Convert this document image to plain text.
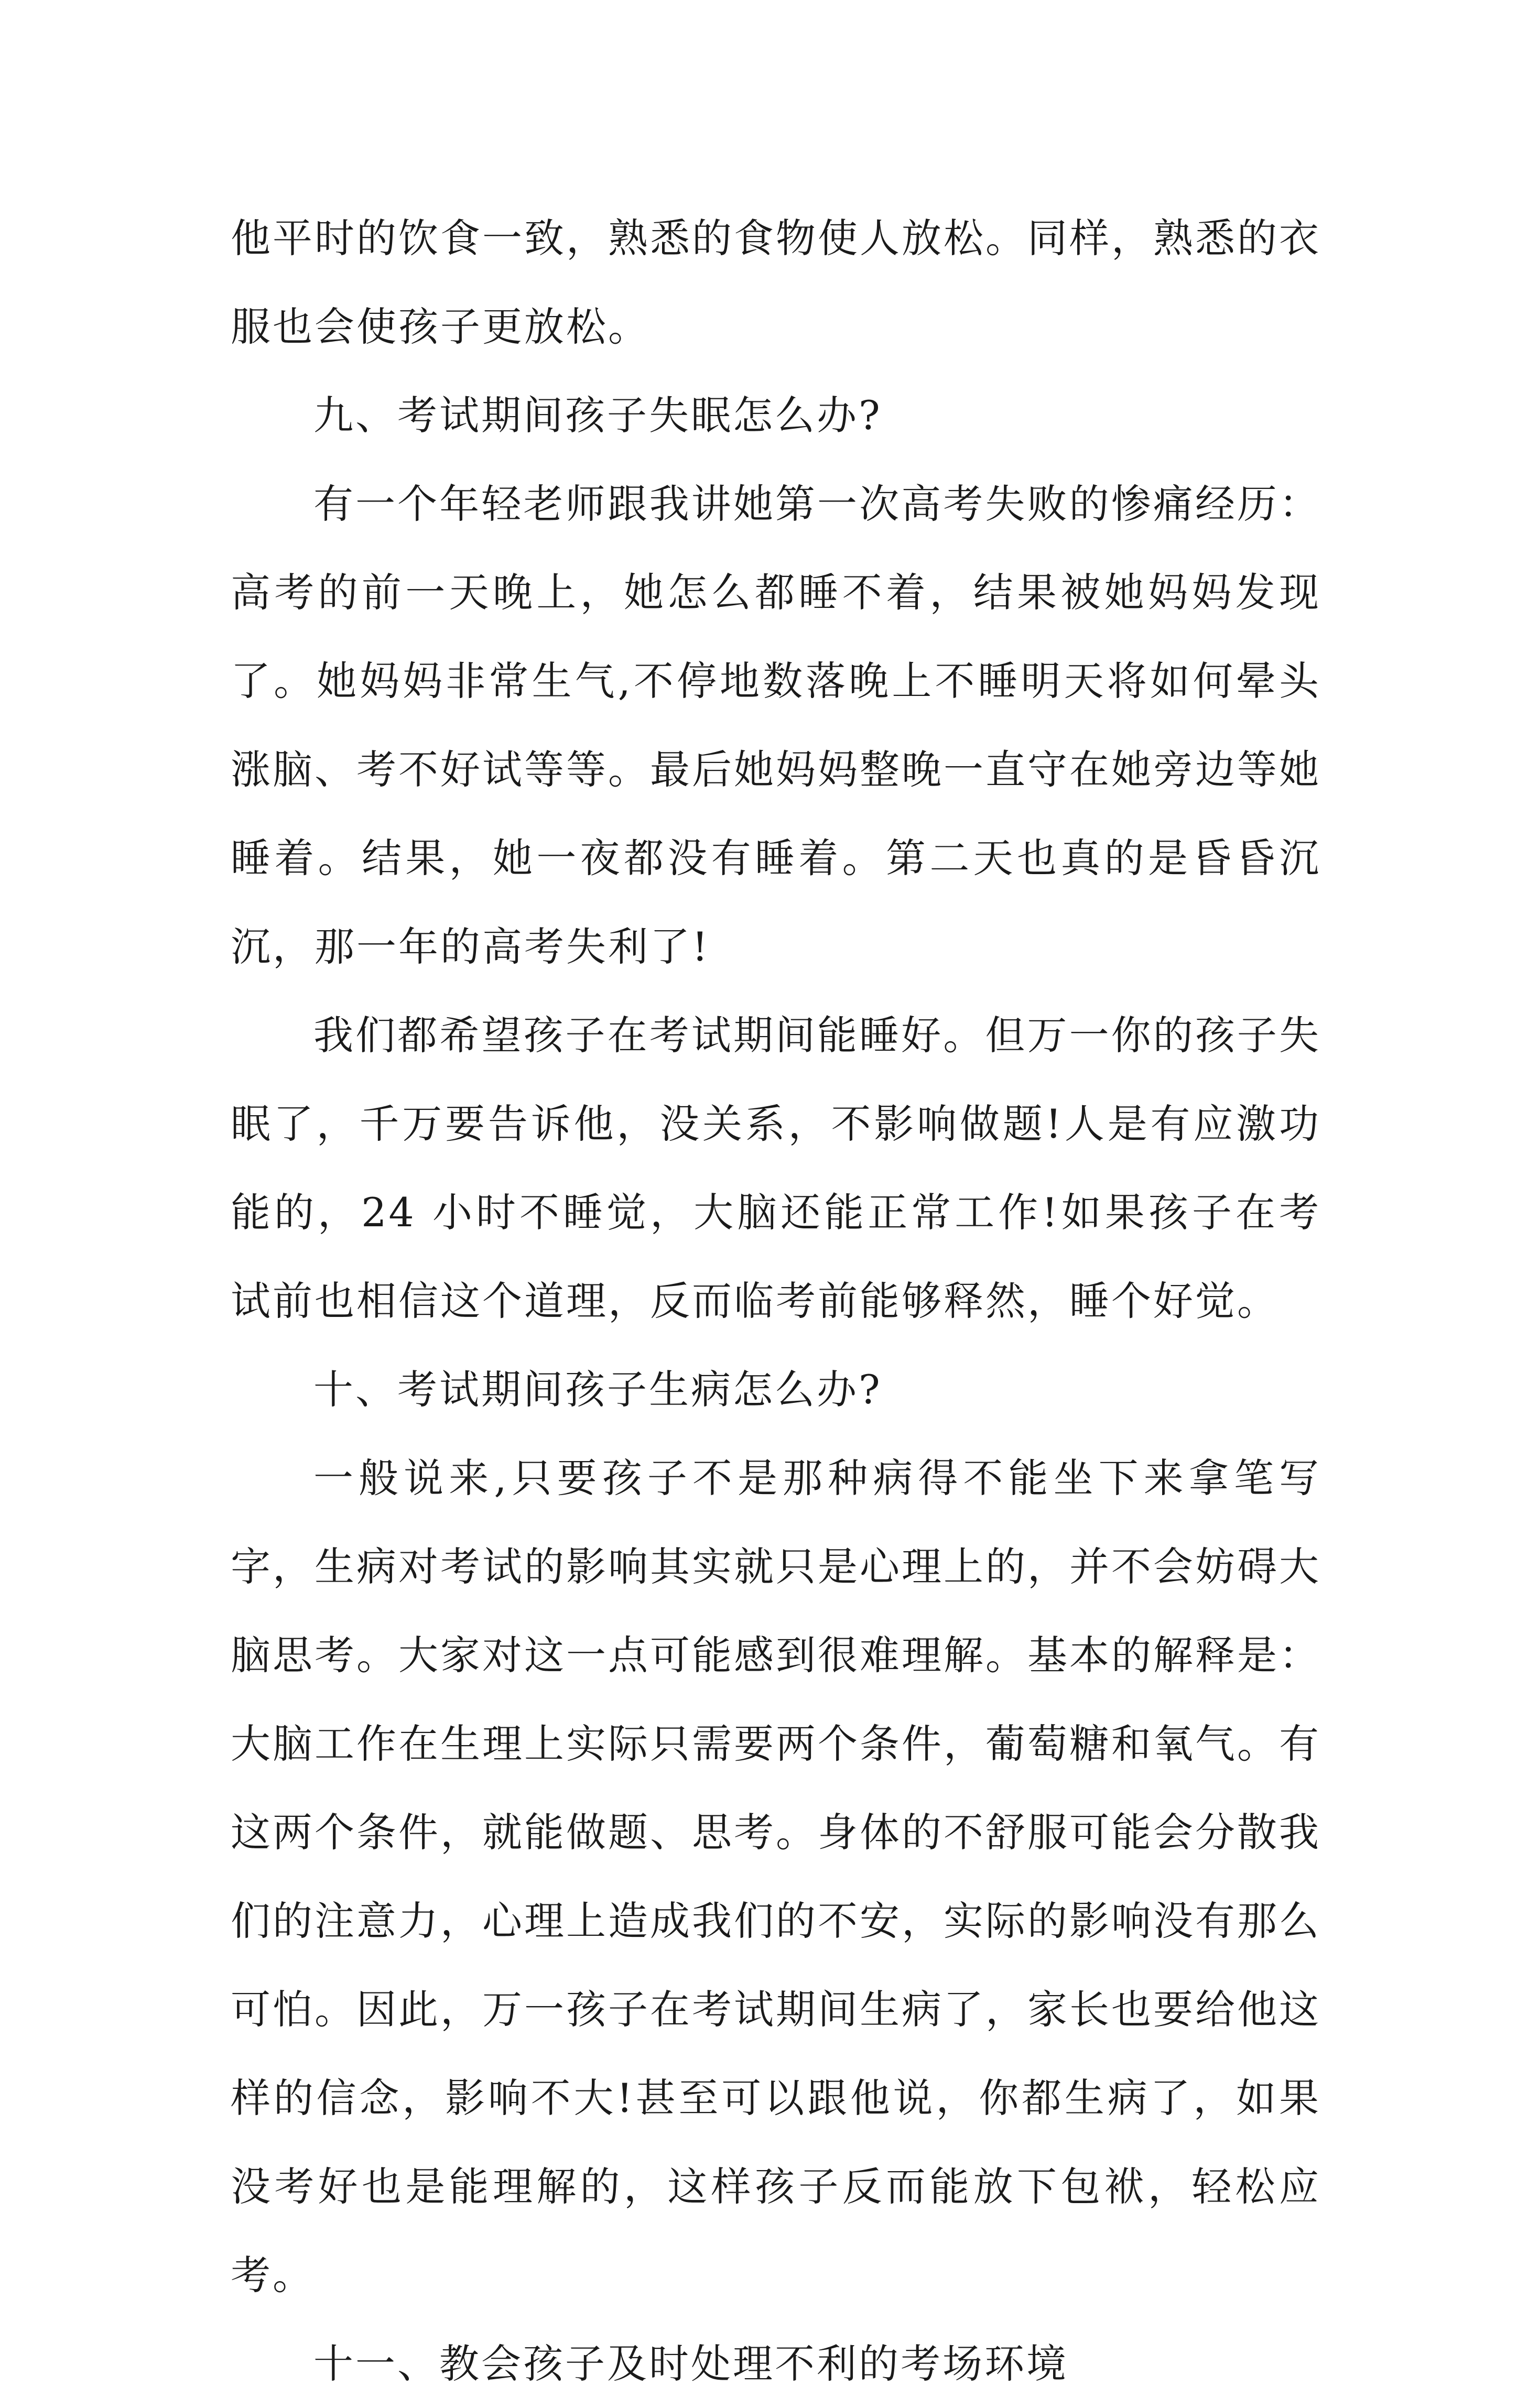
他平时的饮食一致，熟悉的食物使人放松。同样，熟悉的衣服也会使孩子更放松。

九、考试期间孩子失眠怎么办?

有一个年轻老师跟我讲她第一次高考失败的惨痛经历：高考的前一天晚上，她怎么都睡不着，结果被她妈妈发现了。她妈妈非常生气,不停地数落晚上不睡明天将如何晕头涨脑、考不好试等等。最后她妈妈整晚一直守在她旁边等她睡着。结果，她一夜都没有睡着。第二天也真的是昏昏沉沉，那一年的高考失利了!

我们都希望孩子在考试期间能睡好。但万一你的孩子失眠了，千万要告诉他，没关系，不影响做题!人是有应激功能的，24 小时不睡觉，大脑还能正常工作!如果孩子在考试前也相信这个道理，反而临考前能够释然，睡个好觉。

十、考试期间孩子生病怎么办?

一般说来,只要孩子不是那种病得不能坐下来拿笔写字，生病对考试的影响其实就只是心理上的，并不会妨碍大脑思考。大家对这一点可能感到很难理解。基本的解释是：大脑工作在生理上实际只需要两个条件，葡萄糖和氧气。有这两个条件，就能做题、思考。身体的不舒服可能会分散我们的注意力，心理上造成我们的不安，实际的影响没有那么可怕。因此，万一孩子在考试期间生病了，家长也要给他这样的信念，影响不大!甚至可以跟他说，你都生病了，如果没考好也是能理解的，这样孩子反而能放下包袱，轻松应考。

十一、教会孩子及时处理不利的考场环境
